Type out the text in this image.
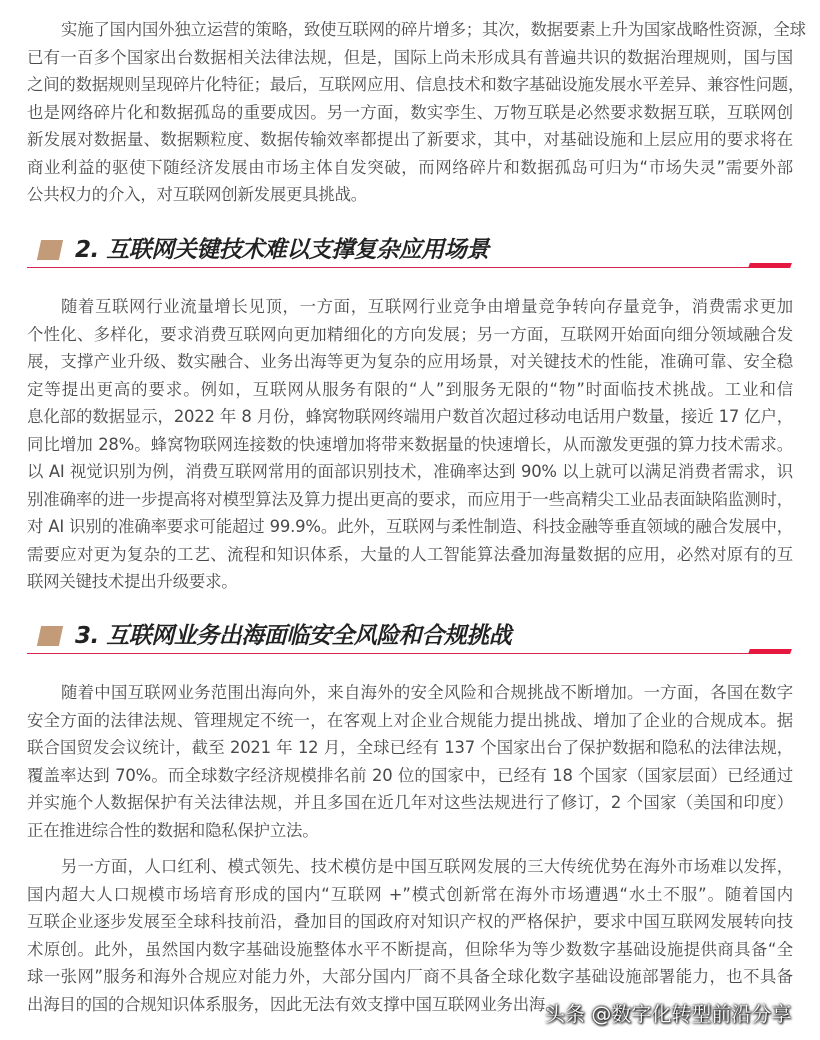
实施了国内国外独立运营的策略，致使互联网的碎片增多；其次，数据要素上升为国家战略性资源，全球
已有一百多个国家出台数据相关法律法规，但是，国际上尚未形成具有普遍共识的数据治理规则，国与国
之间的数据规则呈现碎片化特征；最后，互联网应用、信息技术和数字基础设施发展水平差异、兼容性问题，
也是网络碎片化和数据孤岛的重要成因。另一方面，数实孪生、万物互联是必然要求数据互联，互联网创
新发展对数据量、数据颗粒度、数据传输效率都提出了新要求，其中，对基础设施和上层应用的要求将在
商业利益的驱使下随经济发展由市场主体自发突破，而网络碎片和数据孤岛可归为“市场失灵”需要外部
公共权力的介入，对互联网创新发展更具挑战。
2. 互联网关键技术难以支撑复杂应用场景
随着互联网行业流量增长见顶，一方面，互联网行业竞争由增量竞争转向存量竞争，消费需求更加
个性化、多样化，要求消费互联网向更加精细化的方向发展；另一方面，互联网开始面向细分领域融合发
展，支撑产业升级、数实融合、业务出海等更为复杂的应用场景，对关键技术的性能，准确可靠、安全稳
定等提出更高的要求。例如，互联网从服务有限的“人”到服务无限的“物”时面临技术挑战。工业和信
息化部的数据显示，2022 年 8 月份，蜂窝物联网终端用户数首次超过移动电话用户数量，接近 17 亿户，
同比增加 28%。蜂窝物联网连接数的快速增加将带来数据量的快速增长，从而激发更强的算力技术需求。
以 AI 视觉识别为例，消费互联网常用的面部识别技术，准确率达到 90% 以上就可以满足消费者需求，识
别准确率的进一步提高将对模型算法及算力提出更高的要求，而应用于一些高精尖工业品表面缺陷监测时，
对 AI 识别的准确率要求可能超过 99.9%。此外，互联网与柔性制造、科技金融等垂直领域的融合发展中，
需要应对更为复杂的工艺、流程和知识体系，大量的人工智能算法叠加海量数据的应用，必然对原有的互
联网关键技术提出升级要求。
3. 互联网业务出海面临安全风险和合规挑战
随着中国互联网业务范围出海向外，来自海外的安全风险和合规挑战不断增加。一方面，各国在数字
安全方面的法律法规、管理规定不统一，在客观上对企业合规能力提出挑战、增加了企业的合规成本。据
联合国贸发会议统计，截至 2021 年 12 月，全球已经有 137 个国家出台了保护数据和隐私的法律法规，
覆盖率达到 70%。而全球数字经济规模排名前 20 位的国家中，已经有 18 个国家（国家层面）已经通过
并实施个人数据保护有关法律法规，并且多国在近几年对这些法规进行了修订，2 个国家（美国和印度）
正在推进综合性的数据和隐私保护立法。
另一方面，人口红利、模式领先、技术模仿是中国互联网发展的三大传统优势在海外市场难以发挥，
国内超大人口规模市场培育形成的国内“互联网 +”模式创新常在海外市场遭遇“水土不服”。随着国内
互联企业逐步发展至全球科技前沿，叠加目的国政府对知识产权的严格保护，要求中国互联网发展转向技
术原创。此外，虽然国内数字基础设施整体水平不断提高，但除华为等少数数字基础设施提供商具备“全
球一张网”服务和海外合规应对能力外，大部分国内厂商不具备全球化数字基础设施部署能力，也不具备
出海目的国的合规知识体系服务，因此无法有效支撑中国互联网业务出海。
头条 @数字化转型前沿分享
